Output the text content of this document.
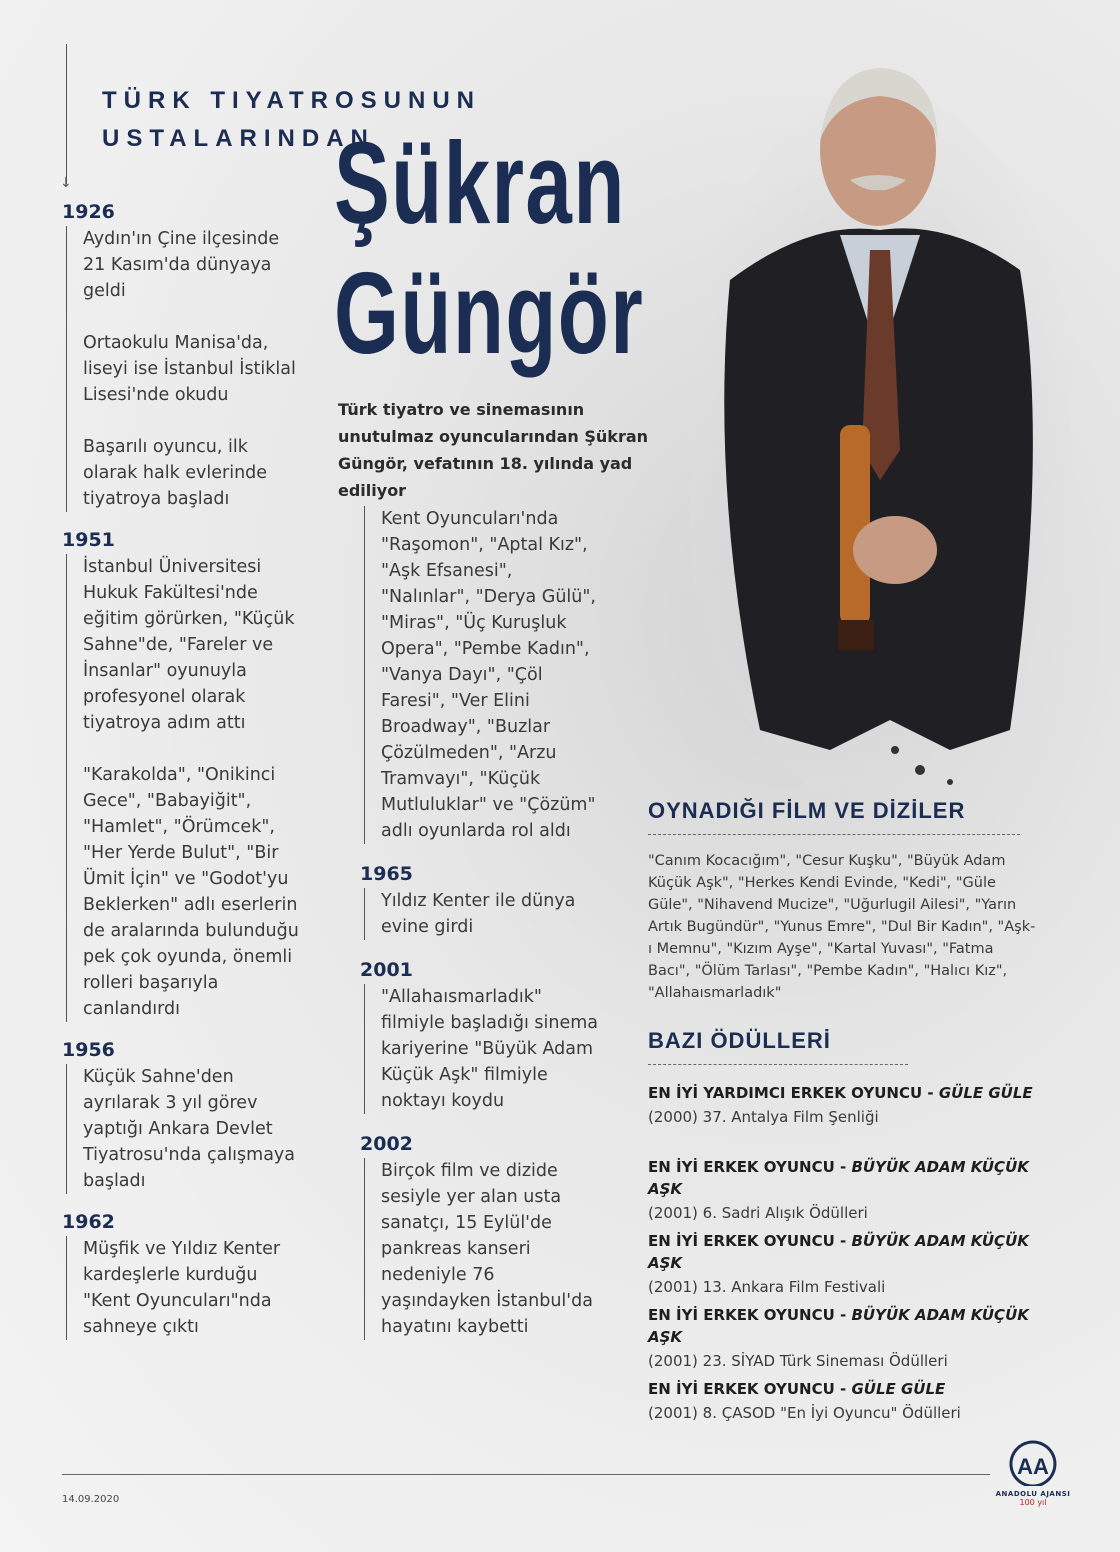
↓
TÜRK TIYATROSUNUN
USTALARINDAN
Şükran
Güngör
Türk tiyatro ve sinemasının unutulmaz oyuncularından Şükran Güngör, vefatının 18. yılında yad ediliyor
1926

Aydın'ın Çine ilçesinde 21 Kasım'da dünyaya geldi

Ortaokulu Manisa'da, liseyi ise İstanbul İstiklal Lisesi'nde okudu

Başarılı oyuncu, ilk olarak halk evlerinde tiyatroya başladı

1951

İstanbul Üniversitesi Hukuk Fakültesi'nde eğitim görürken, "Küçük Sahne"de, "Fareler ve İnsanlar" oyunuyla profesyonel olarak tiyatroya adım attı

"Karakolda", "Onikinci Gece", "Babayiğit", "Hamlet", "Örümcek", "Her Yerde Bulut", "Bir Ümit İçin" ve "Godot'yu Beklerken" adlı eserlerin de aralarında bulunduğu pek çok oyunda, önemli rolleri başarıyla canlandırdı

1956

Küçük Sahne'den ayrılarak 3 yıl görev yaptığı Ankara Devlet Tiyatrosu'nda çalışmaya başladı

1962

Müşfik ve Yıldız Kenter kardeşlerle kurduğu "Kent Oyuncuları"nda sahneye çıktı

Kent Oyuncuları'nda "Raşomon", "Aptal Kız", "Aşk Efsanesi", "Nalınlar", "Derya Gülü", "Miras", "Üç Kuruşluk Opera", "Pembe Kadın", "Vanya Dayı", "Çöl Faresi", "Ver Elini Broadway", "Buzlar Çözülmeden", "Arzu Tramvayı", "Küçük Mutluluklar" ve "Çözüm" adlı oyunlarda rol aldı

1965

Yıldız Kenter ile dünya evine girdi

2001

"Allahaısmarladık" filmiyle başladığı sinema kariyerine "Büyük Adam Küçük Aşk" filmiyle noktayı koydu

2002

Birçok film ve dizide sesiyle yer alan usta sanatçı, 15 Eylül'de pankreas kanseri nedeniyle 76 yaşındayken İstanbul'da hayatını kaybetti

OYNADIĞI FİLM VE DİZİLER
"Canım Kocacığım", "Cesur Kuşku", "Büyük Adam Küçük Aşk", "Herkes Kendi Evinde, "Kedi", "Güle Güle", "Nihavend Mucize", "Uğurlugil Ailesi", "Yarın Artık Bugündür", "Yunus Emre", "Dul Bir Kadın", "Aşk-ı Memnu", "Kızım Ayşe", "Kartal Yuvası", "Fatma Bacı", "Ölüm Tarlası", "Pembe Kadın", "Halıcı Kız", "Allahaısmarladık"
BAZI ÖDÜLLERİ
EN İYİ YARDIMCI ERKEK OYUNCU - GÜLE GÜLE
(2000) 37. Antalya Film Şenliği
EN İYİ ERKEK OYUNCU - BÜYÜK ADAM KÜÇÜK AŞK
(2001) 6. Sadri Alışık Ödülleri
EN İYİ ERKEK OYUNCU - BÜYÜK ADAM KÜÇÜK AŞK
(2001) 13. Ankara Film Festivali
EN İYİ ERKEK OYUNCU - BÜYÜK ADAM KÜÇÜK AŞK
(2001) 23. SİYAD Türk Sineması Ödülleri
EN İYİ ERKEK OYUNCU - GÜLE GÜLE
(2001) 8. ÇASOD "En İyi Oyuncu" Ödülleri
14.09.2020
AA
ANADOLU AJANSI
100 yıl
